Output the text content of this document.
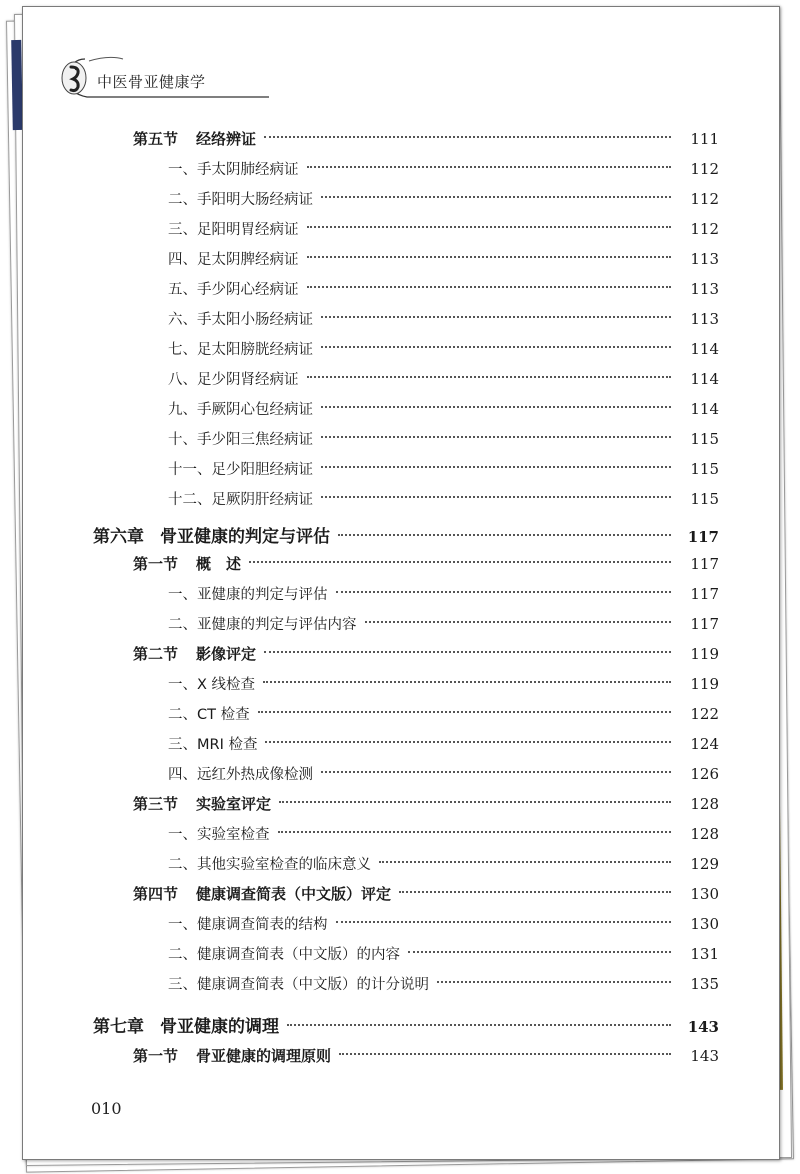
中医骨亚健康学
第五节 经络辨证	111
一、手太阴肺经病证	112
二、手阳明大肠经病证	112
三、足阳明胃经病证	112
四、足太阴脾经病证	113
五、手少阴心经病证	113
六、手太阳小肠经病证	113
七、足太阳膀胱经病证	114
八、足少阴肾经病证	114
九、手厥阴心包经病证	114
十、手少阳三焦经病证	115
十一、足少阳胆经病证	115
十二、足厥阴肝经病证	115
第六章 骨亚健康的判定与评估	117
第一节 概　述	117
一、亚健康的判定与评估	117
二、亚健康的判定与评估内容	117
第二节 影像评定	119
一、X 线检查	119
二、CT 检查	122
三、MRI 检查	124
四、远红外热成像检测	126
第三节 实验室评定	128
一、实验室检查	128
二、其他实验室检查的临床意义	129
第四节 健康调查简表（中文版）评定	130
一、健康调查简表的结构	130
二、健康调查简表（中文版）的内容	131
三、健康调查简表（中文版）的计分说明	135
第七章 骨亚健康的调理	143
第一节 骨亚健康的调理原则	143
010
